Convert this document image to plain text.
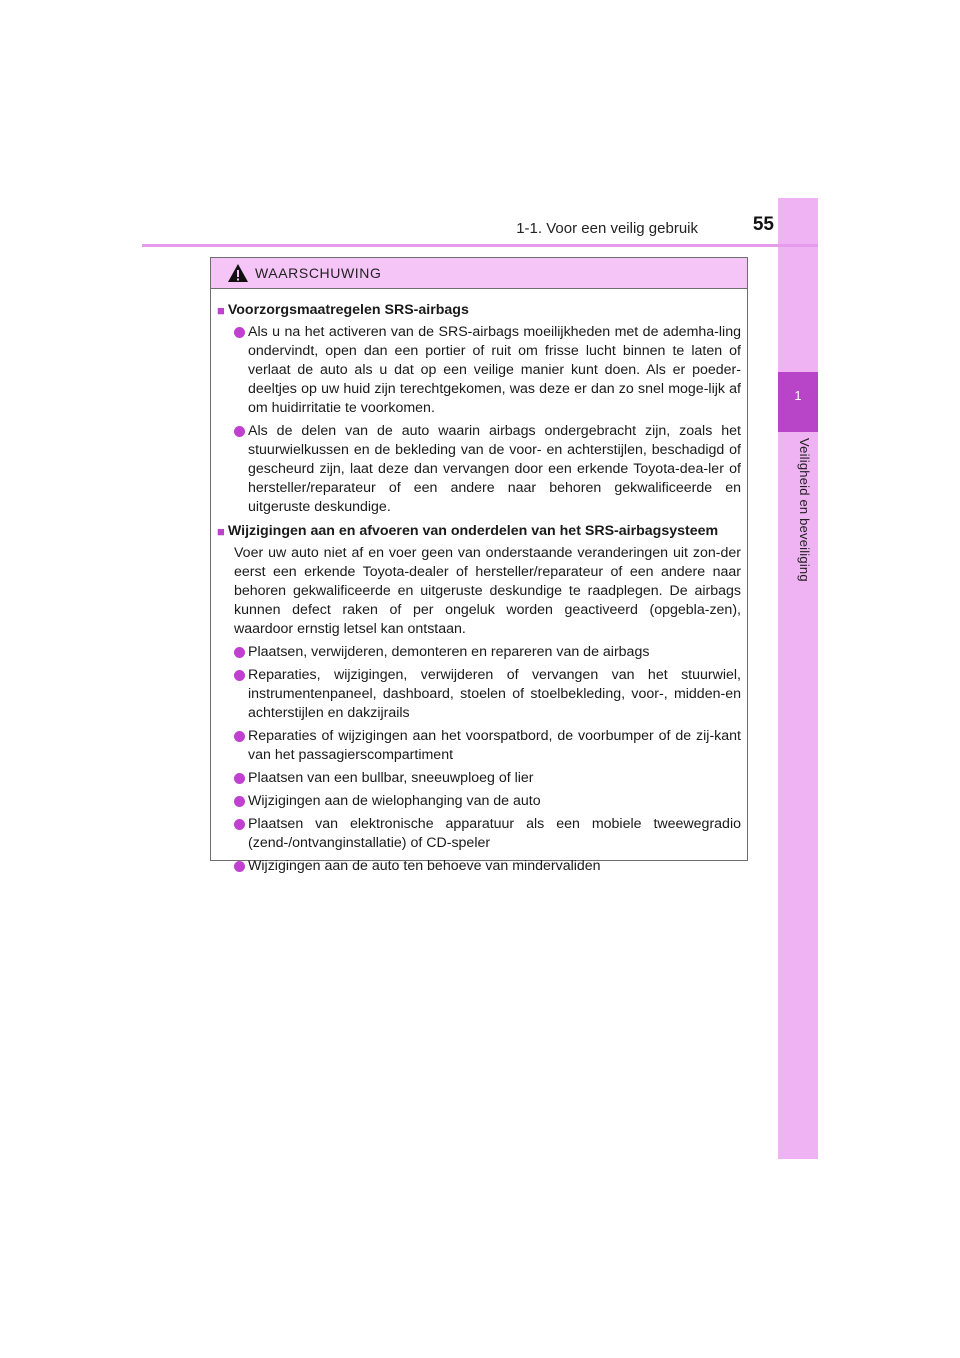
1
Veiligheid en beveiliging
1-1. Voor een veilig gebruik	55
WAARSCHUWING
■ Voorzorgsmaatregelen SRS-airbags
Als u na het activeren van de SRS-airbags moeilijkheden met de ademha-ling ondervindt, open dan een portier of ruit om frisse lucht binnen te laten of verlaat de auto als u dat op een veilige manier kunt doen. Als er poeder-deeltjes op uw huid zijn terechtgekomen, was deze er dan zo snel moge-lijk af om huidirritatie te voorkomen.
Als de delen van de auto waarin airbags ondergebracht zijn, zoals het stuurwielkussen en de bekleding van de voor- en achterstijlen, beschadigd of gescheurd zijn, laat deze dan vervangen door een erkende Toyota-dea-ler of hersteller/reparateur of een andere naar behoren gekwalificeerde en uitgeruste deskundige.
■ Wijzigingen aan en afvoeren van onderdelen van het SRS-airbagsysteem
Voer uw auto niet af en voer geen van onderstaande veranderingen uit zon-der eerst een erkende Toyota-dealer of hersteller/reparateur of een andere naar behoren gekwalificeerde en uitgeruste deskundige te raadplegen. De airbags kunnen defect raken of per ongeluk worden geactiveerd (opgebla-zen), waardoor ernstig letsel kan ontstaan.
Plaatsen, verwijderen, demonteren en repareren van de airbags
Reparaties, wijzigingen, verwijderen of vervangen van het stuurwiel, instrumentenpaneel, dashboard, stoelen of stoelbekleding, voor-, midden-en achterstijlen en dakzijrails
Reparaties of wijzigingen aan het voorspatbord, de voorbumper of de zij-kant van het passagierscompartiment
Plaatsen van een bullbar, sneeuwploeg of lier
Wijzigingen aan de wielophanging van de auto
Plaatsen van elektronische apparatuur als een mobiele tweewegradio (zend-/ontvanginstallatie) of CD-speler
Wijzigingen aan de auto ten behoeve van mindervaliden
